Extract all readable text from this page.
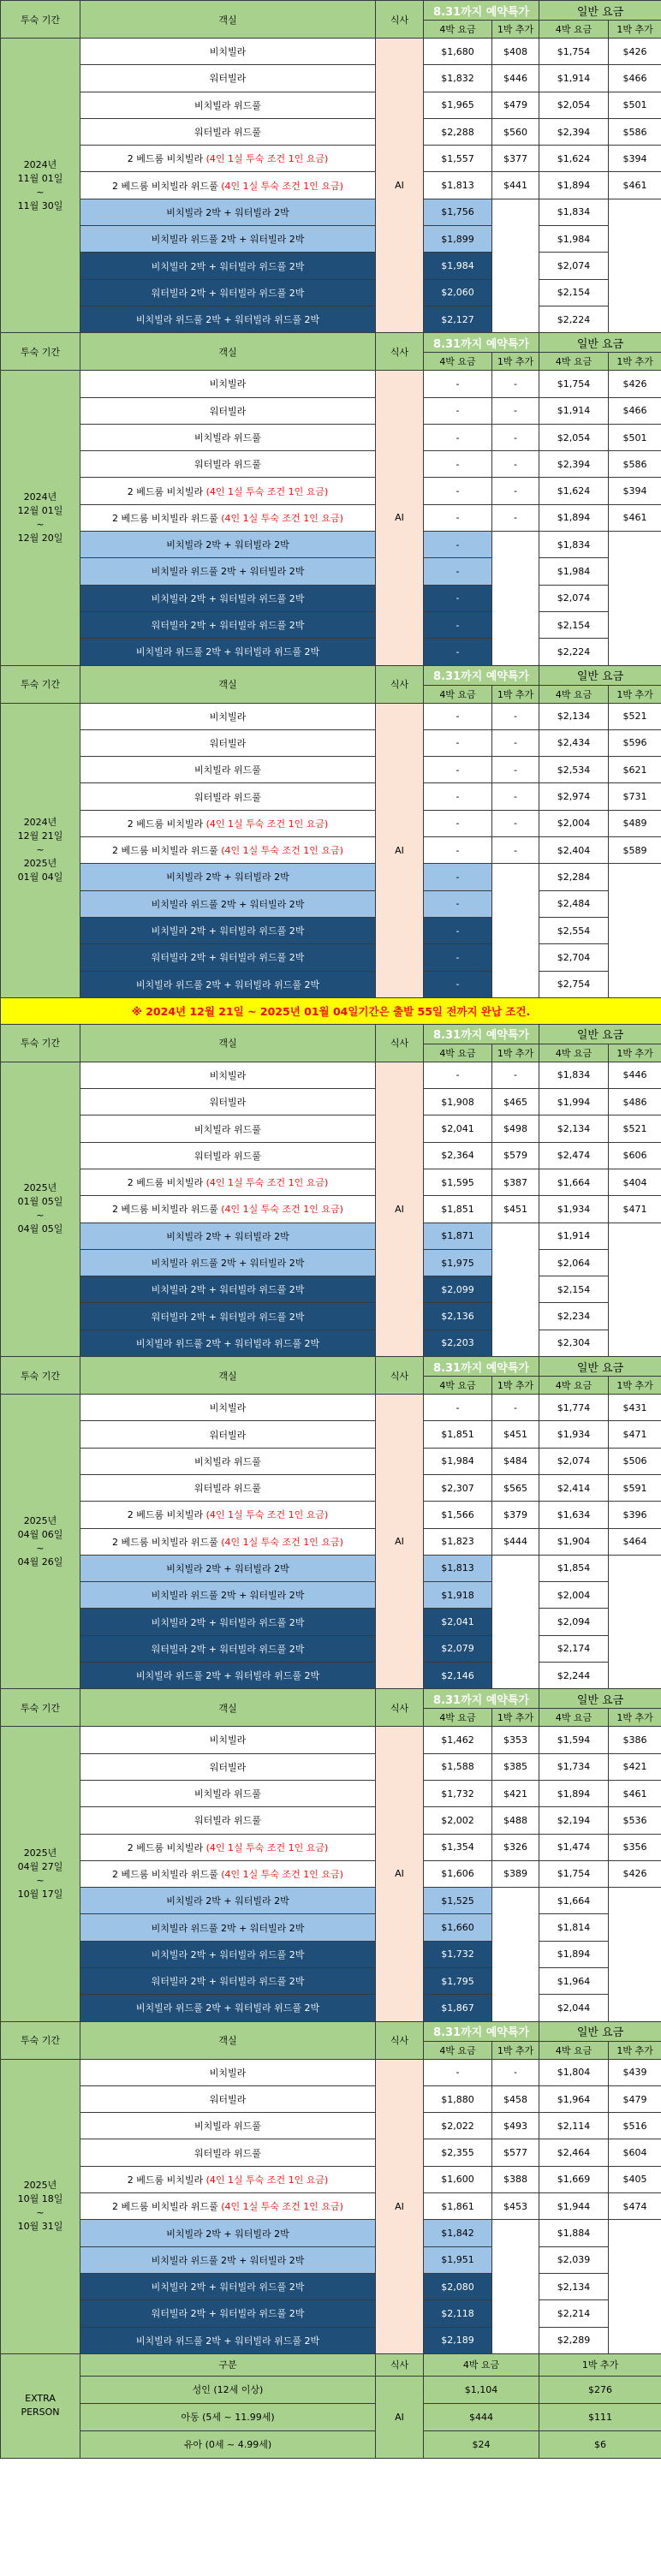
투숙 기간	객실	식사	8.31까지 예약특가		일반 요금	
			4박 요금	1박 추가	4박 요금	1박 추가

2024년
11월 01일
~
11월 30일	비치빌라	AI	$1,680	$408	$1,754	$426
	워터빌라		$1,832	$446	$1,914	$466
	비치빌라 위드풀		$1,965	$479	$2,054	$501
	워터빌라 위드풀		$2,288	$560	$2,394	$586
	2 베드룸 비치빌라 (4인 1실 투숙 조건 1인 요금)		$1,557	$377	$1,624	$394
	2 베드룸 비치빌라 위드풀 (4인 1실 투숙 조건 1인 요금)		$1,813	$441	$1,894	$461
	비치빌라 2박 + 워터빌라 2박		$1,756		$1,834	
	비치빌라 위드풀 2박 + 워터빌라 2박		$1,899		$1,984	
	비치빌라 2박 + 워터빌라 위드풀 2박		$1,984		$2,074	
	워터빌라 2박 + 워터빌라 위드풀 2박		$2,060		$2,154	
	비치빌라 위드풀 2박 + 워터빌라 위드풀 2박		$2,127		$2,224	
투숙 기간	객실	식사	8.31까지 예약특가		일반 요금	
			4박 요금	1박 추가	4박 요금	1박 추가

2024년
12월 01일
~
12월 20일	비치빌라	AI	-	-	$1,754	$426
	워터빌라		-	-	$1,914	$466
	비치빌라 위드풀		-	-	$2,054	$501
	워터빌라 위드풀		-	-	$2,394	$586
	2 베드룸 비치빌라 (4인 1실 투숙 조건 1인 요금)		-	-	$1,624	$394
	2 베드룸 비치빌라 위드풀 (4인 1실 투숙 조건 1인 요금)		-	-	$1,894	$461
	비치빌라 2박 + 워터빌라 2박		-		$1,834	
	비치빌라 위드풀 2박 + 워터빌라 2박		-		$1,984	
	비치빌라 2박 + 워터빌라 위드풀 2박		-		$2,074	
	워터빌라 2박 + 워터빌라 위드풀 2박		-		$2,154	
	비치빌라 위드풀 2박 + 워터빌라 위드풀 2박		-		$2,224	
투숙 기간	객실	식사	8.31까지 예약특가		일반 요금	
			4박 요금	1박 추가	4박 요금	1박 추가

2024년
12월 21일
~
2025년
01월 04일	비치빌라	AI	-	-	$2,134	$521
	워터빌라		-	-	$2,434	$596
	비치빌라 위드풀		-	-	$2,534	$621
	워터빌라 위드풀		-	-	$2,974	$731
	2 베드룸 비치빌라 (4인 1실 투숙 조건 1인 요금)		-	-	$2,004	$489
	2 베드룸 비치빌라 위드풀 (4인 1실 투숙 조건 1인 요금)		-	-	$2,404	$589
	비치빌라 2박 + 워터빌라 2박		-		$2,284	
	비치빌라 위드풀 2박 + 워터빌라 2박		-		$2,484	
	비치빌라 2박 + 워터빌라 위드풀 2박		-		$2,554	
	워터빌라 2박 + 워터빌라 위드풀 2박		-		$2,704	
	비치빌라 위드풀 2박 + 워터빌라 위드풀 2박		-		$2,754	
※ 2024년 12월 21일 ~ 2025년 01월 04일기간은 출발 55일 전까지 완납 조건.						
투숙 기간	객실	식사	8.31까지 예약특가		일반 요금	
			4박 요금	1박 추가	4박 요금	1박 추가

2025년
01월 05일
~
04월 05일	비치빌라	AI	-	-	$1,834	$446
	워터빌라		$1,908	$465	$1,994	$486
	비치빌라 위드풀		$2,041	$498	$2,134	$521
	워터빌라 위드풀		$2,364	$579	$2,474	$606
	2 베드룸 비치빌라 (4인 1실 투숙 조건 1인 요금)		$1,595	$387	$1,664	$404
	2 베드룸 비치빌라 위드풀 (4인 1실 투숙 조건 1인 요금)		$1,851	$451	$1,934	$471
	비치빌라 2박 + 워터빌라 2박		$1,871		$1,914	
	비치빌라 위드풀 2박 + 워터빌라 2박		$1,975		$2,064	
	비치빌라 2박 + 워터빌라 위드풀 2박		$2,099		$2,154	
	워터빌라 2박 + 워터빌라 위드풀 2박		$2,136		$2,234	
	비치빌라 위드풀 2박 + 워터빌라 위드풀 2박		$2,203		$2,304	
투숙 기간	객실	식사	8.31까지 예약특가		일반 요금	
			4박 요금	1박 추가	4박 요금	1박 추가

2025년
04월 06일
~
04월 26일	비치빌라	AI	-	-	$1,774	$431
	워터빌라		$1,851	$451	$1,934	$471
	비치빌라 위드풀		$1,984	$484	$2,074	$506
	워터빌라 위드풀		$2,307	$565	$2,414	$591
	2 베드룸 비치빌라 (4인 1실 투숙 조건 1인 요금)		$1,566	$379	$1,634	$396
	2 베드룸 비치빌라 위드풀 (4인 1실 투숙 조건 1인 요금)		$1,823	$444	$1,904	$464
	비치빌라 2박 + 워터빌라 2박		$1,813		$1,854	
	비치빌라 위드풀 2박 + 워터빌라 2박		$1,918		$2,004	
	비치빌라 2박 + 워터빌라 위드풀 2박		$2,041		$2,094	
	워터빌라 2박 + 워터빌라 위드풀 2박		$2,079		$2,174	
	비치빌라 위드풀 2박 + 워터빌라 위드풀 2박		$2,146		$2,244	
투숙 기간	객실	식사	8.31까지 예약특가		일반 요금	
			4박 요금	1박 추가	4박 요금	1박 추가

2025년
04월 27일
~
10월 17일	비치빌라	AI	$1,462	$353	$1,594	$386
	워터빌라		$1,588	$385	$1,734	$421
	비치빌라 위드풀		$1,732	$421	$1,894	$461
	워터빌라 위드풀		$2,002	$488	$2,194	$536
	2 베드룸 비치빌라 (4인 1실 투숙 조건 1인 요금)		$1,354	$326	$1,474	$356
	2 베드룸 비치빌라 위드풀 (4인 1실 투숙 조건 1인 요금)		$1,606	$389	$1,754	$426
	비치빌라 2박 + 워터빌라 2박		$1,525		$1,664	
	비치빌라 위드풀 2박 + 워터빌라 2박		$1,660		$1,814	
	비치빌라 2박 + 워터빌라 위드풀 2박		$1,732		$1,894	
	워터빌라 2박 + 워터빌라 위드풀 2박		$1,795		$1,964	
	비치빌라 위드풀 2박 + 워터빌라 위드풀 2박		$1,867		$2,044	
투숙 기간	객실	식사	8.31까지 예약특가		일반 요금	
			4박 요금	1박 추가	4박 요금	1박 추가

2025년
10월 18일
~
10월 31일	비치빌라	AI	-	-	$1,804	$439
	워터빌라		$1,880	$458	$1,964	$479
	비치빌라 위드풀		$2,022	$493	$2,114	$516
	워터빌라 위드풀		$2,355	$577	$2,464	$604
	2 베드룸 비치빌라 (4인 1실 투숙 조건 1인 요금)		$1,600	$388	$1,669	$405
	2 베드룸 비치빌라 위드풀 (4인 1실 투숙 조건 1인 요금)		$1,861	$453	$1,944	$474
	비치빌라 2박 + 워터빌라 2박		$1,842		$1,884	
	비치빌라 위드풀 2박 + 워터빌라 2박		$1,951		$2,039	
	비치빌라 2박 + 워터빌라 위드풀 2박		$2,080		$2,134	
	워터빌라 2박 + 워터빌라 위드풀 2박		$2,118		$2,214	
	비치빌라 위드풀 2박 + 워터빌라 위드풀 2박		$2,189		$2,289	

EXTRA
PERSON	구분	식사	4박 요금		1박 추가	
	성인 (12세 이상)	AI	$1,104		$276	
	아동 (5세 ~ 11.99세)		$444		$111	
	유아 (0세 ~ 4.99세)		$24		$6	
